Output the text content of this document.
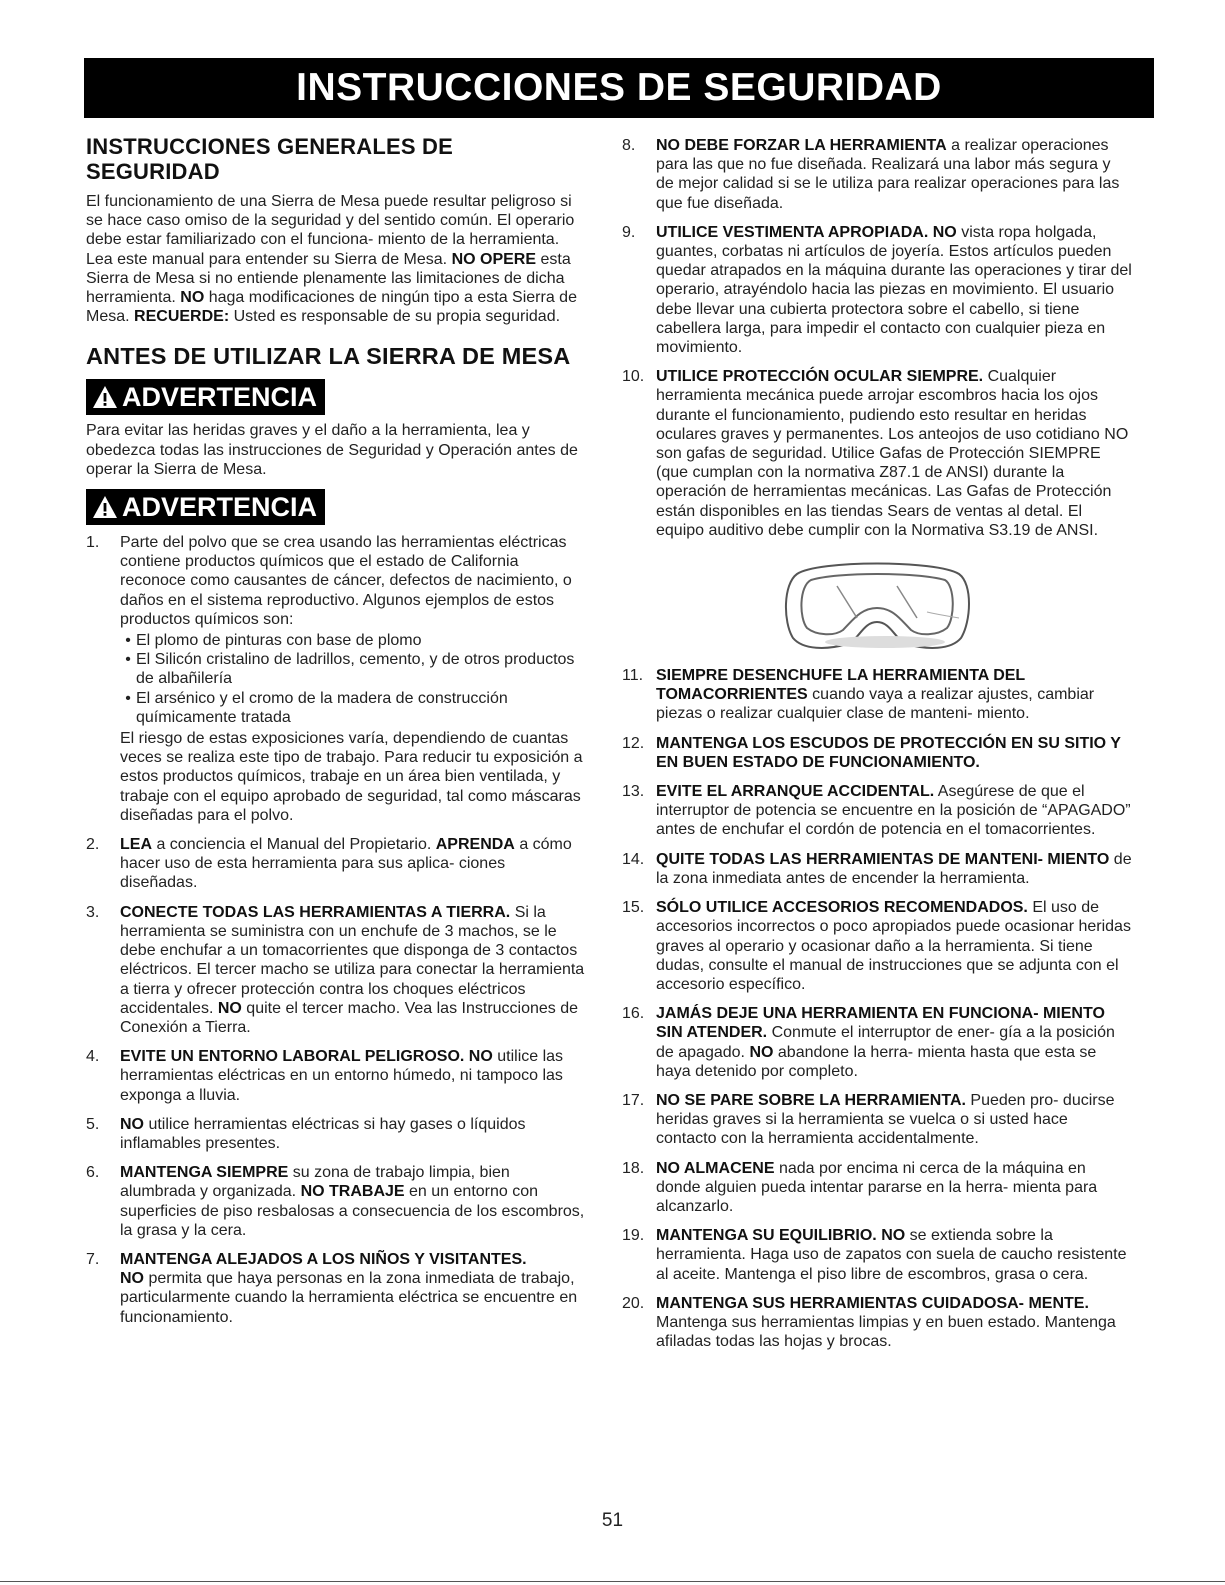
INSTRUCCIONES DE SEGURIDAD
INSTRUCCIONES GENERALES DE SEGURIDAD

El funcionamiento de una Sierra de Mesa puede resultar peligroso si se hace caso omiso de la seguridad y del sentido común. El operario debe estar familiarizado con el funciona- miento de la herramienta. Lea este manual para entender su Sierra de Mesa. NO OPERE esta Sierra de Mesa si no entiende plenamente las limitaciones de dicha herramienta. NO haga modificaciones de ningún tipo a esta Sierra de Mesa. RECUERDE: Usted es responsable de su propia seguridad.

ANTES DE UTILIZAR LA SIERRA DE MESA
ADVERTENCIA

Para evitar las heridas graves y el daño a la herramienta, lea y obedezca todas las instrucciones de Seguridad y Operación antes de operar la Sierra de Mesa.

ADVERTENCIA
1.	Parte del polvo que se crea usando las herramientas eléctricas contiene productos químicos que el estado de California reconoce como causantes de cáncer, defectos de nacimiento, o daños en el sistema reproductivo. Algunos ejemplos de estos productos químicos son:
• El plomo de pinturas con base de plomo
• El Silicón cristalino de ladrillos, cemento, y de otros productos de albañilería
• El arsénico y el cromo de la madera de construcción químicamente tratada
El riesgo de estas exposiciones varía, dependiendo de cuantas veces se realiza este tipo de trabajo. Para reducir tu exposición a estos productos químicos, trabaje en un área bien ventilada, y trabaje con el equipo aprobado de seguridad, tal como máscaras diseñadas para el polvo.
2.	LEA a conciencia el Manual del Propietario. APRENDA a cómo hacer uso de esta herramienta para sus aplica- ciones diseñadas.
3.	CONECTE TODAS LAS HERRAMIENTAS A TIERRA. Si la herramienta se suministra con un enchufe de 3 machos, se le debe enchufar a un tomacorrientes que disponga de 3 contactos eléctricos. El tercer macho se utiliza para conectar la herramienta a tierra y ofrecer protección contra los choques eléctricos accidentales. NO quite el tercer macho. Vea las Instrucciones de Conexión a Tierra.
4.	EVITE UN ENTORNO LABORAL PELIGROSO. NO utilice las herramientas eléctricas en un entorno húmedo, ni tampoco las exponga a lluvia.
5.	NO utilice herramientas eléctricas si hay gases o líquidos inflamables presentes.
6.	MANTENGA SIEMPRE su zona de trabajo limpia, bien alumbrada y organizada. NO TRABAJE en un entorno con superficies de piso resbalosas a consecuencia de los escombros, la grasa y la cera.
7.	MANTENGA ALEJADOS A LOS NIÑOS Y VISITANTES.
NO permita que haya personas en la zona inmediata de trabajo, particularmente cuando la herramienta eléctrica se encuentre en funcionamiento.
8.	NO DEBE FORZAR LA HERRAMIENTA a realizar operaciones para las que no fue diseñada. Realizará una labor más segura y de mejor calidad si se le utiliza para realizar operaciones para las que fue diseñada.
9.	UTILICE VESTIMENTA APROPIADA. NO vista ropa holgada, guantes, corbatas ni artículos de joyería. Estos artículos pueden quedar atrapados en la máquina durante las operaciones y tirar del operario, atrayéndolo hacia las piezas en movimiento. El usuario debe llevar una cubierta protectora sobre el cabello, si tiene cabellera larga, para impedir el contacto con cualquier pieza en movimiento.
10. UTILICE PROTECCIÓN OCULAR SIEMPRE. Cualquier herramienta mecánica puede arrojar escombros hacia los ojos durante el funcionamiento, pudiendo esto resultar en heridas oculares graves y permanentes. Los anteojos de uso cotidiano NO son gafas de seguridad. Utilice Gafas de Protección SIEMPRE (que cumplan con la normativa Z87.1 de ANSI) durante la operación de herramientas mecánicas. Las Gafas de Protección están disponibles en las tiendas Sears de ventas al detal. El equipo auditivo debe cumplir con la Normativa S3.19 de ANSI.
11. SIEMPRE DESENCHUFE LA HERRAMIENTA DEL TOMACORRIENTES cuando vaya a realizar ajustes, cambiar piezas o realizar cualquier clase de manteni- miento.
12. MANTENGA LOS ESCUDOS DE PROTECCIÓN EN SU SITIO Y EN BUEN ESTADO DE FUNCIONAMIENTO.
13. EVITE EL ARRANQUE ACCIDENTAL. Asegúrese de que el interruptor de potencia se encuentre en la posición de “APAGADO” antes de enchufar el cordón de potencia en el tomacorrientes.
14. QUITE TODAS LAS HERRAMIENTAS DE MANTENI- MIENTO de la zona inmediata antes de encender la herramienta.
15. SÓLO UTILICE ACCESORIOS RECOMENDADOS. El uso de accesorios incorrectos o poco apropiados puede ocasionar heridas graves al operario y ocasionar daño a la herramienta. Si tiene dudas, consulte el manual de instrucciones que se adjunta con el accesorio específico.
16. JAMÁS DEJE UNA HERRAMIENTA EN FUNCIONA- MIENTO SIN ATENDER. Conmute el interruptor de ener- gía a la posición de apagado. NO abandone la herra- mienta hasta que esta se haya detenido por completo.
17. NO SE PARE SOBRE LA HERRAMIENTA. Pueden pro- ducirse heridas graves si la herramienta se vuelca o si usted hace contacto con la herramienta accidentalmente.
18. NO ALMACENE nada por encima ni cerca de la máquina en donde alguien pueda intentar pararse en la herra- mienta para alcanzarlo.
19. MANTENGA SU EQUILIBRIO. NO se extienda sobre la herramienta. Haga uso de zapatos con suela de caucho resistente al aceite. Mantenga el piso libre de escombros, grasa o cera.
20. MANTENGA SUS HERRAMIENTAS CUIDADOSA- MENTE. Mantenga sus herramientas limpias y en buen estado. Mantenga afiladas todas las hojas y brocas.
51
